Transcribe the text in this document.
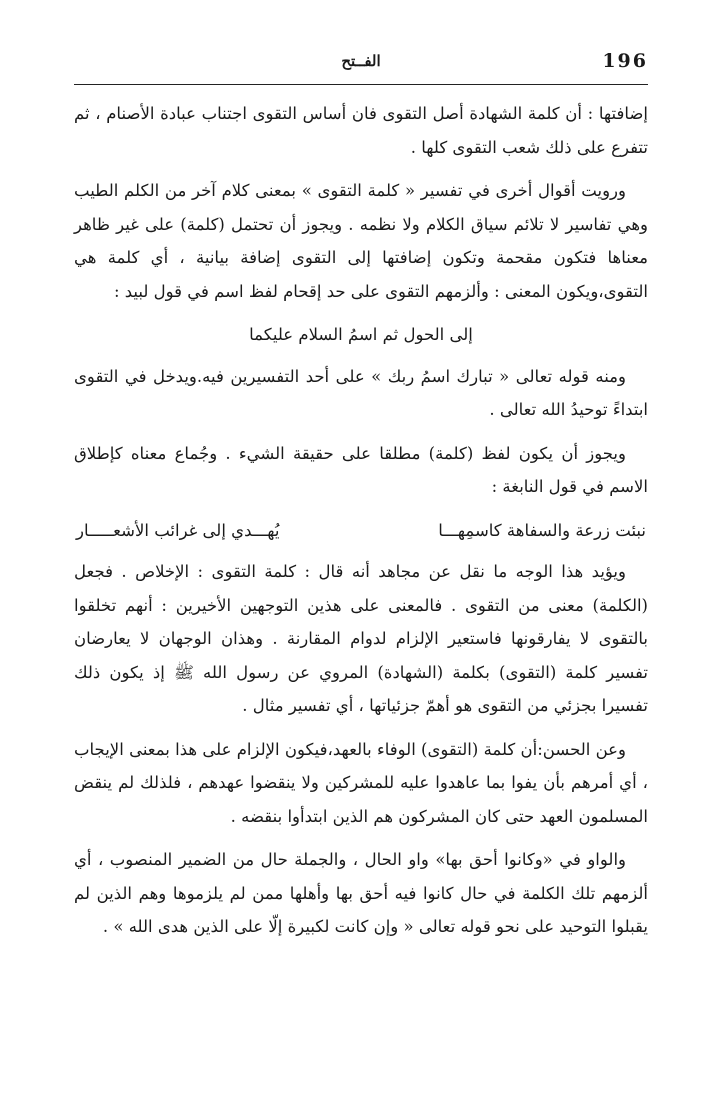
196
الفــتح

إضافتها : أن كلمة الشهادة أصل التقوى فان أساس التقوى اجتناب عبادة الأصنام ، ثم تتفرع على ذلك شعب التقوى كلها .

ورويت أقوال أخرى في تفسير « كلمة التقوى » بمعنى كلام آخر من الكلم الطيب وهي تفاسير لا تلائم سياق الكلام ولا نظمه . ويجوز أن تحتمل (كلمة) على غير ظاهر معناها فتكون مقحمة وتكون إضافتها إلى التقوى إضافة بيانية ، أي كلمة هي التقوى،ويكون المعنى : وألزمهم التقوى على حد إقحام لفظ اسم في قول لبيد :

إلى الحول ثم اسمُ السلام عليكما

ومنه قوله تعالى « تبارك اسمُ ربك » على أحد التفسيرين فيه.ويدخل في التقوى ابتداءً توحيدُ الله تعالى .

ويجوز أن يكون لفظ (كلمة) مطلقا على حقيقة الشيء . وجُماع معناه كإطلاق الاسم في قول النابغة :

نبئت زرعة والسفاهة كاسمِهـــا
يُهـــدي إلى غرائب الأشعـــــار

ويؤيد هذا الوجه ما نقل عن مجاهد أنه قال : كلمة التقوى : الإخلاص . فجعل (الكلمة) معنى من التقوى . فالمعنى على هذين التوجهين الأخيرين : أنهم تخلقوا بالتقوى لا يفارقونها فاستعير الإلزام لدوام المقارنة . وهذان الوجهان لا يعارضان تفسير كلمة (التقوى) بكلمة (الشهادة) المروي عن رسول الله ﷺ إذ يكون ذلك تفسيرا بجزئي من التقوى هو أهمّ جزئياتها ، أي تفسير مثال .

وعن الحسن:أن كلمة (التقوى) الوفاء بالعهد،فيكون الإلزام على هذا بمعنى الإيجاب ، أي أمرهم بأن يفوا بما عاهدوا عليه للمشركين ولا ينقضوا عهدهم ، فلذلك لم ينقض المسلمون العهد حتى كان المشركون هم الذين ابتدأوا بنقضه .

والواو في «وكانوا أحق بها» واو الحال ، والجملة حال من الضمير المنصوب ، أي ألزمهم تلك الكلمة في حال كانوا فيه أحق بها وأهلها ممن لم يلزموها وهم الذين لم يقبلوا التوحيد على نحو قوله تعالى « وإن كانت لكبيرة إلّا على الذين هدى الله » .
